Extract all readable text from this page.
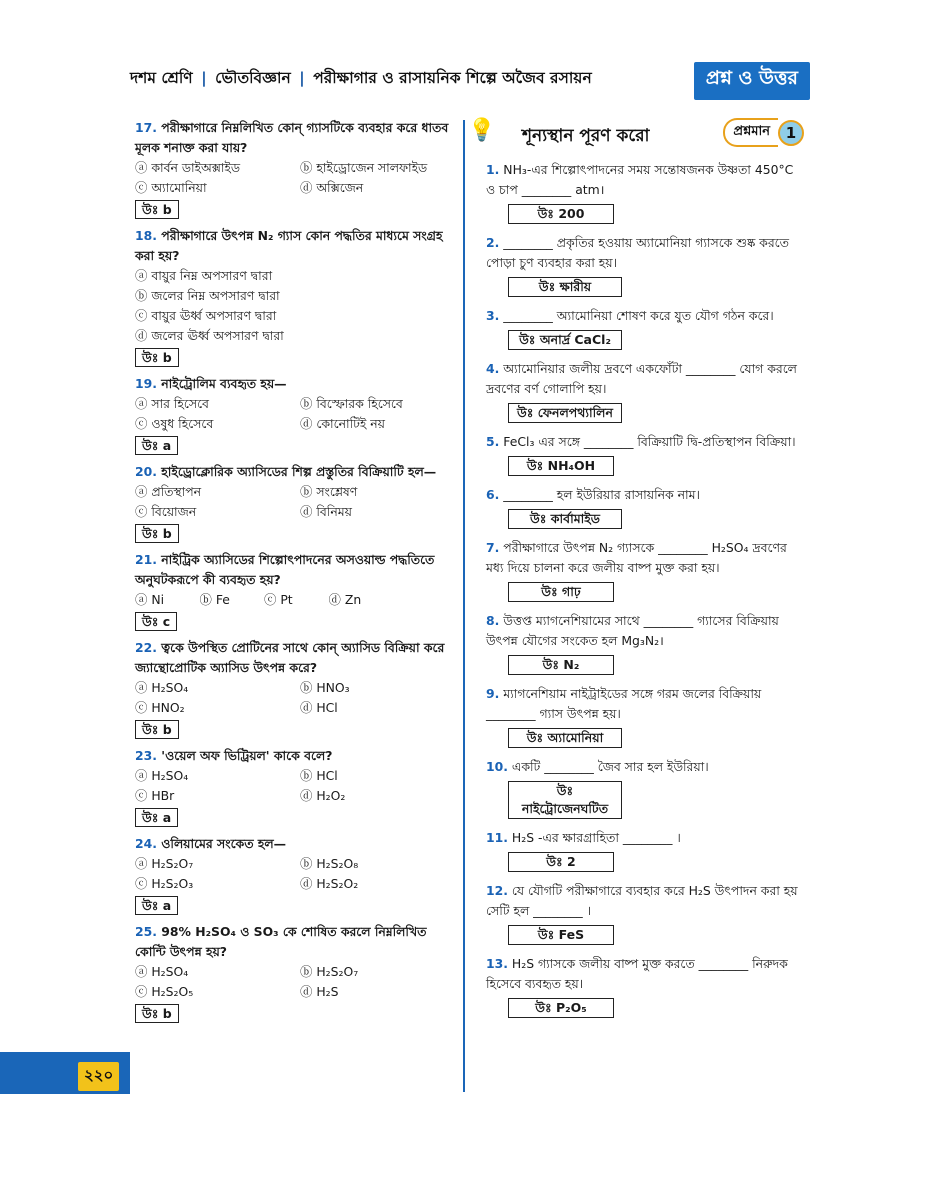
দশম শ্রেণি | ভৌতবিজ্ঞান | পরীক্ষাগার ও রাসায়নিক শিল্পে অজৈব রসায়ন	প্রশ্ন ও উত্তর
17. পরীক্ষাগারে নিম্নলিখিত কোন্ গ্যাসটিকে ব্যবহার করে ধাতব মূলক শনাক্ত করা যায়?
ⓐ কার্বন ডাইঅক্সাইড	ⓑ হাইড্রোজেন সালফাইড
ⓒ অ্যামোনিয়া	ⓓ অক্সিজেন
উঃ b
18. পরীক্ষাগারে উৎপন্ন N₂ গ্যাস কোন পদ্ধতির মাধ্যমে সংগ্রহ করা হয়?
ⓐ বায়ুর নিম্ন অপসারণ দ্বারা
ⓑ জলের নিম্ন অপসারণ দ্বারা
ⓒ বায়ুর ঊর্ধ্ব অপসারণ দ্বারা
ⓓ জলের ঊর্ধ্ব অপসারণ দ্বারা
উঃ b
19. নাইট্রোলিম ব্যবহৃত হয়—
ⓐ সার হিসেবে	ⓑ বিস্ফোরক হিসেবে
ⓒ ওষুধ হিসেবে	ⓓ কোনোটিই নয়
উঃ a
20. হাইড্রোক্লোরিক অ্যাসিডের শিল্প প্রস্তুতির বিক্রিয়াটি হল—
ⓐ প্রতিস্থাপন	ⓑ সংশ্লেষণ
ⓒ বিয়োজন	ⓓ বিনিময়
উঃ b
21. নাইট্রিক অ্যাসিডের শিল্পোৎপাদনের অসওয়াল্ড পদ্ধতিতে অনুঘটকরূপে কী ব্যবহৃত হয়?
ⓐ Ni	ⓑ Fe	ⓒ Pt	ⓓ Zn
উঃ c
22. ত্বকে উপস্থিত প্রোটিনের সাথে কোন্ অ্যাসিড বিক্রিয়া করে জ্যান্থোপ্রোটিক অ্যাসিড উৎপন্ন করে?
ⓐ H₂SO₄	ⓑ HNO₃
ⓒ HNO₂	ⓓ HCl
উঃ b
23. 'ওয়েল অফ ভিট্রিয়ল' কাকে বলে?
ⓐ H₂SO₄	ⓑ HCl
ⓒ HBr	ⓓ H₂O₂
উঃ a
24. ওলিয়ামের সংকেত হল—
ⓐ H₂S₂O₇	ⓑ H₂S₂O₈
ⓒ H₂S₂O₃	ⓓ H₂S₂O₂
উঃ a
25. 98% H₂SO₄ ও SO₃ কে শোষিত করলে নিম্নলিখিত কোন্টি উৎপন্ন হয়?
ⓐ H₂SO₄	ⓑ H₂S₂O₇
ⓒ H₂S₂O₅	ⓓ H₂S
উঃ b
💡 শূন্যস্থান পূরণ করো	প্রশ্নমান	1
1. NH₃-এর শিল্পোৎপাদনের সময় সন্তোষজনক উষ্ণতা 450°C ও চাপ ________ atm।
উঃ 200
2. ________ প্রকৃতির হওয়ায় অ্যামোনিয়া গ্যাসকে শুষ্ক করতে পোড়া চুণ ব্যবহার করা হয়।
উঃ ক্ষারীয়
3. ________ অ্যামোনিয়া শোষণ করে যুত যৌগ গঠন করে।
উঃ অনার্দ্র CaCl₂
4. অ্যামোনিয়ার জলীয় দ্রবণে একফোঁটা ________ যোগ করলে দ্রবণের বর্ণ গোলাপি হয়।
উঃ ফেনলপথ্যালিন
5. FeCl₃ এর সঙ্গে ________ বিক্রিয়াটি দ্বি-প্রতিস্থাপন বিক্রিয়া।
উঃ NH₄OH
6. ________ হল ইউরিয়ার রাসায়নিক নাম।
উঃ কার্বামাইড
7. পরীক্ষাগারে উৎপন্ন N₂ গ্যাসকে ________ H₂SO₄ দ্রবণের মধ্য দিয়ে চালনা করে জলীয় বাষ্প মুক্ত করা হয়।
উঃ গাঢ়
8. উত্তপ্ত ম্যাগনেশিয়ামের সাথে ________ গ্যাসের বিক্রিয়ায় উৎপন্ন যৌগের সংকেত হল Mg₃N₂।
উঃ N₂
9. ম্যাগনেশিয়াম নাইট্রাইডের সঙ্গে গরম জলের বিক্রিয়ায় ________ গ্যাস উৎপন্ন হয়।
উঃ অ্যামোনিয়া
10. একটি ________ জৈব সার হল ইউরিয়া।
উঃ নাইট্রোজেনঘটিত
11. H₂S -এর ক্ষারগ্রাহিতা ________ ।
উঃ 2
12. যে যৌগটি পরীক্ষাগারে ব্যবহার করে H₂S উৎপাদন করা হয় সেটি হল ________ ।
উঃ FeS
13. H₂S গ্যাসকে জলীয় বাষ্প মুক্ত করতে ________ নিরুদক হিসেবে ব্যবহৃত হয়।
উঃ P₂O₅
২২০
